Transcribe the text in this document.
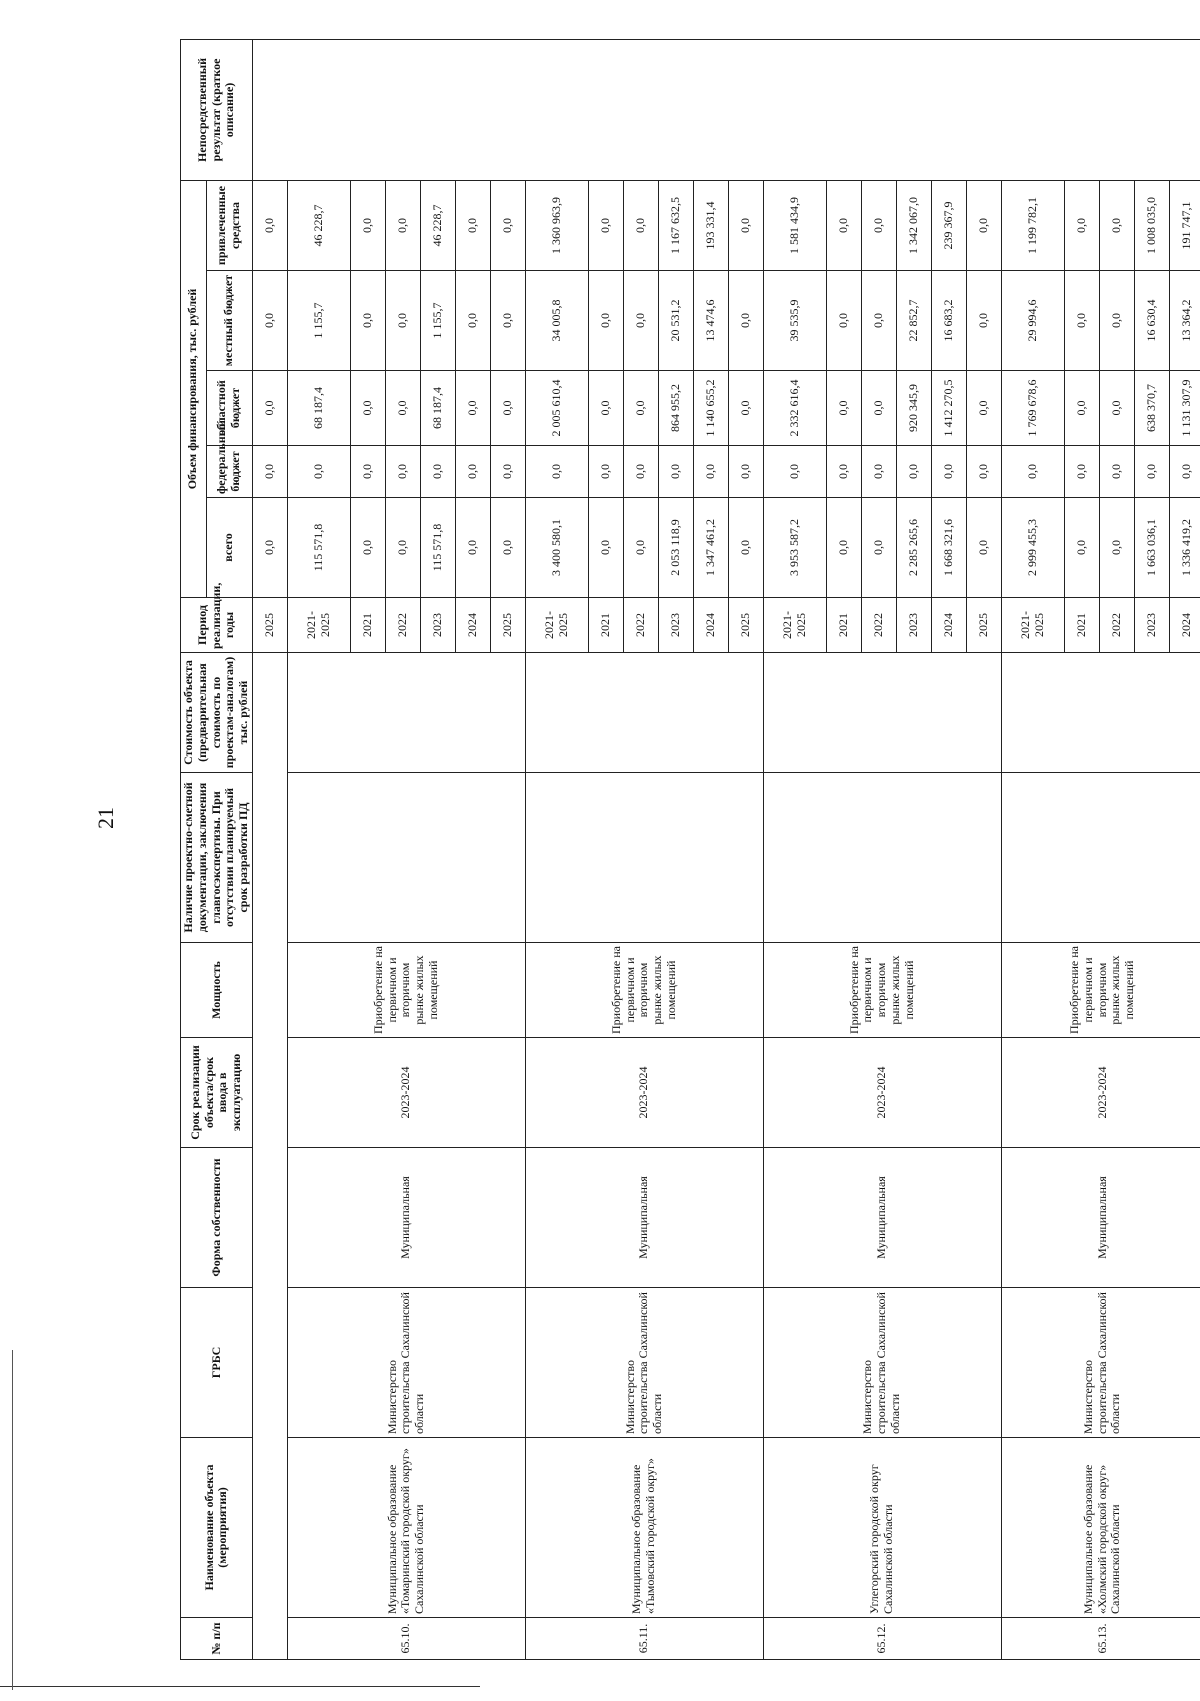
21
№ п/п	Наименование объекта (мероприятия)	ГРБС	Форма собственности	Срок реализации объекта/срок ввода в эксплуатацию	Мощность	Наличие проектно-сметной документации, заключения главгосэкспертизы. При отсутствии планируемый срок разработки ПД	Стоимость объекта (предварительная стоимость по проектам-аналогам) тыс. рублей	Период реализации, годы	Объем финансирования, тыс. рублей					Непосредственный результат (краткое описание)
									всего	федеральный бюджет	областной бюджет	местный бюджет	привлеченные средства	
								2025	0,0	0,0	0,0	0,0	0,0	
65.10.	Муниципальное образование «Томаринский городской округ» Сахалинской области	Министерство строительства Сахалинской области	Муниципальная	2023-2024	Приобретение на первичном и вторичном рынке жилых помещений			2021-2025	115 571,8	0,0	68 187,4	1 155,7	46 228,7	
								2021	0,0	0,0	0,0	0,0	0,0	
								2022	0,0	0,0	0,0	0,0	0,0	
								2023	115 571,8	0,0	68 187,4	1 155,7	46 228,7	
								2024	0,0	0,0	0,0	0,0	0,0	
								2025	0,0	0,0	0,0	0,0	0,0	
65.11.	Муниципальное образование «Тымовский городской округ»	Министерство строительства Сахалинской области	Муниципальная	2023-2024	Приобретение на первичном и вторичном рынке жилых помещений			2021-2025	3 400 580,1	0,0	2 005 610,4	34 005,8	1 360 963,9	
								2021	0,0	0,0	0,0	0,0	0,0	
								2022	0,0	0,0	0,0	0,0	0,0	
								2023	2 053 118,9	0,0	864 955,2	20 531,2	1 167 632,5	
								2024	1 347 461,2	0,0	1 140 655,2	13 474,6	193 331,4	
								2025	0,0	0,0	0,0	0,0	0,0	
65.12.	Углегорский городской округ Сахалинской области	Министерство строительства Сахалинской области	Муниципальная	2023-2024	Приобретение на первичном и вторичном рынке жилых помещений			2021-2025	3 953 587,2	0,0	2 332 616,4	39 535,9	1 581 434,9	
								2021	0,0	0,0	0,0	0,0	0,0	
								2022	0,0	0,0	0,0	0,0	0,0	
								2023	2 285 265,6	0,0	920 345,9	22 852,7	1 342 067,0	
								2024	1 668 321,6	0,0	1 412 270,5	16 683,2	239 367,9	
								2025	0,0	0,0	0,0	0,0	0,0	
65.13.	Муниципальное образование «Холмский городской округ» Сахалинской области	Министерство строительства Сахалинской области	Муниципальная	2023-2024	Приобретение на первичном и вторичном рынке жилых помещений			2021-2025	2 999 455,3	0,0	1 769 678,6	29 994,6	1 199 782,1	
								2021	0,0	0,0	0,0	0,0	0,0	
								2022	0,0	0,0	0,0	0,0	0,0	
								2023	1 663 036,1	0,0	638 370,7	16 630,4	1 008 035,0	
								2024	1 336 419,2	0,0	1 131 307,9	13 364,2	191 747,1	
